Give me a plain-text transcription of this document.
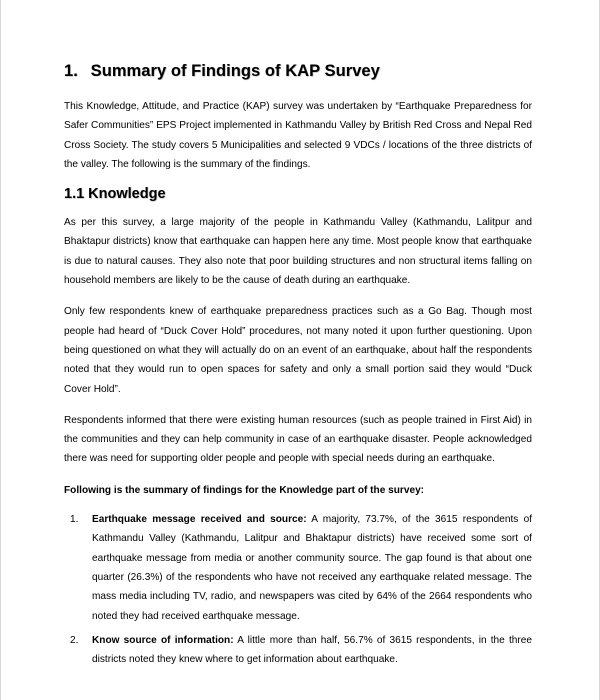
1. Summary of Findings of KAP Survey

This Knowledge, Attitude, and Practice (KAP) survey was undertaken by “Earthquake Preparedness for Safer Communities” EPS Project implemented in Kathmandu Valley by British Red Cross and Nepal Red Cross Society. The study covers 5 Municipalities and selected 9 VDCs / locations of the three districts of the valley. The following is the summary of the findings.

1.1 Knowledge

As per this survey, a large majority of the people in Kathmandu Valley (Kathmandu, Lalitpur and Bhaktapur districts) know that earthquake can happen here any time. Most people know that earthquake is due to natural causes. They also note that poor building structures and non structural items falling on household members are likely to be the cause of death during an earthquake.

Only few respondents knew of earthquake preparedness practices such as a Go Bag. Though most people had heard of “Duck Cover Hold” procedures, not many noted it upon further questioning. Upon being questioned on what they will actually do on an event of an earthquake, about half the respondents noted that they would run to open spaces for safety and only a small portion said they would “Duck Cover Hold”.

Respondents informed that there were existing human resources (such as people trained in First Aid) in the communities and they can help community in case of an earthquake disaster. People acknowledged there was need for supporting older people and people with special needs during an earthquake.

Following is the summary of findings for the Knowledge part of the survey:

1. Earthquake message received and source: A majority, 73.7%, of the 3615 respondents of Kathmandu Valley (Kathmandu, Lalitpur and Bhaktapur districts) have received some sort of earthquake message from media or another community source. The gap found is that about one quarter (26.3%) of the respondents who have not received any earthquake related message. The mass media including TV, radio, and newspapers was cited by 64% of the 2664 respondents who noted they had received earthquake message.
2. Know source of information: A little more than half, 56.7% of 3615 respondents, in the three districts noted they knew where to get information about earthquake.
